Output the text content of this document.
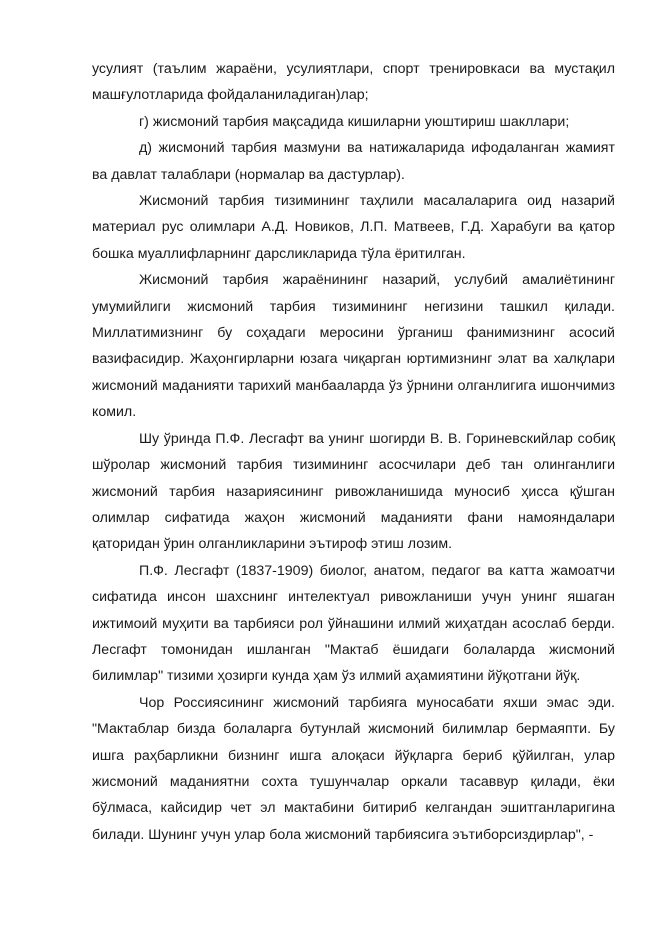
усулият (таълим жараёни, усулиятлари, спорт тренировкаси ва мустақил машғулотларида фойдаланиладиган)лар;

г) жисмоний тарбия мақсадида кишиларни уюштириш шакллари;

д) жисмоний тарбия мазмуни ва натижаларида ифодаланган жамият ва давлат талаблари (нормалар ва дастурлар).

Жисмоний тарбия тизимининг таҳлили масалаларига оид назарий материал рус олимлари А.Д. Новиков, Л.П. Матвеев, Г.Д. Харабуги ва қатор бошка муаллифларнинг дарсликларида тўла ёритилган.

Жисмоний тарбия жараёнининг назарий, услубий амалиётининг умумийлиги жисмоний тарбия тизимининг негизини ташкил қилади. Миллатимизнинг бу соҳадаги меросини ўрганиш фанимизнинг асосий вазифасидир. Жаҳонгирларни юзага чиқарган юртимизнинг элат ва халқлари жисмоний маданияти тарихий манбааларда ўз ўрнини олганлигига ишончимиз комил.

Шу ўринда П.Ф. Лесгафт ва унинг шогирди В. В. Гориневскийлар собиқ шўролар жисмоний тарбия тизимининг асосчилари деб тан олинганлиги жисмоний тарбия назариясининг ривожланишида муносиб ҳисса қўшган олимлар сифатида жаҳон жисмоний маданияти фани намояндалари қаторидан ўрин олганликларини эътироф этиш лозим.

П.Ф. Лесгафт (1837-1909) биолог, анатом, педагог ва катта жамоатчи сифатида инсон шахснинг интелектуал ривожланиши учун унинг яшаган ижтимоий муҳити ва тарбияси рол ўйнашини илмий жиҳатдан асослаб берди. Лесгафт томонидан ишланган "Мактаб ёшидаги болаларда жисмоний билимлар" тизими ҳозирги кунда ҳам ўз илмий аҳамиятини йўқотгани йўқ.

Чор Россиясининг жисмоний тарбияга муносабати яхши эмас эди. "Мактаблар бизда болаларга бутунлай жисмоний билимлар бермаяпти. Бу ишга раҳбарликни бизнинг ишга алоқаси йўқларга бериб қўйилган, улар жисмоний маданиятни сохта тушунчалар оркали тасаввур қилади, ёки бўлмаса, кайсидир чет эл мактабини битириб келгандан эшитганларигина билади. Шунинг учун улар бола жисмоний тарбиясига эътиборсиздирлар", -
